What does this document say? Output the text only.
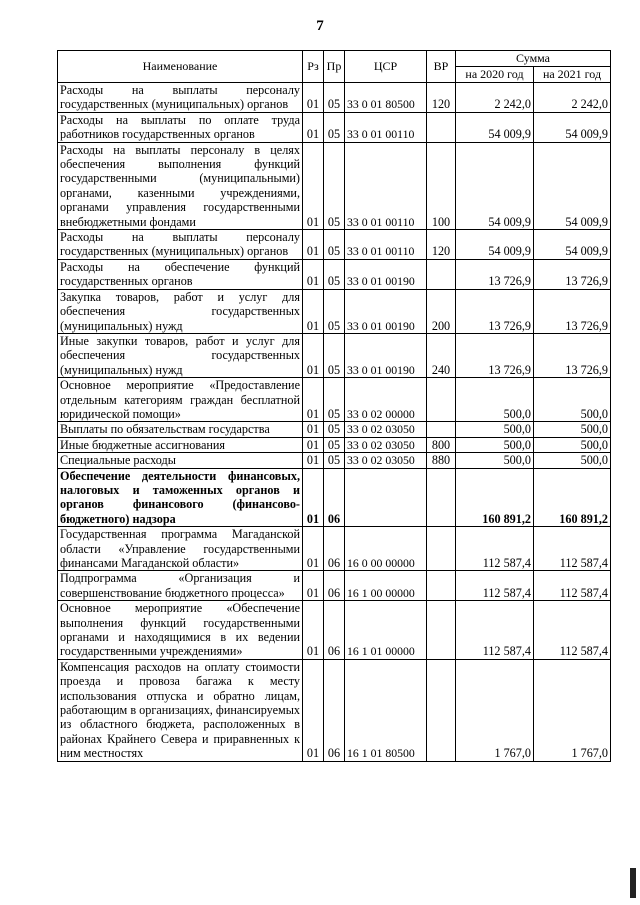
7
Наименование	Рз	Пр	ЦСР	ВР	Сумма	
					на 2020 год	на 2021 год
Расходы на выплаты персоналу государственных (муниципальных) органов	01	05	33 0 01 80500	120	2 242,0	2 242,0
Расходы на выплаты по оплате труда работников государственных органов	01	05	33 0 01 00110		54 009,9	54 009,9
Расходы на выплаты персоналу в целях обеспечения выполнения функций государственными (муниципальными) органами, казенными учреждениями, органами управления государственными внебюджетными фондами	01	05	33 0 01 00110	100	54 009,9	54 009,9
Расходы на выплаты персоналу государственных (муниципальных) органов	01	05	33 0 01 00110	120	54 009,9	54 009,9
Расходы на обеспечение функций государственных органов	01	05	33 0 01 00190		13 726,9	13 726,9
Закупка товаров, работ и услуг для обеспечения государственных (муниципальных) нужд	01	05	33 0 01 00190	200	13 726,9	13 726,9
Иные закупки товаров, работ и услуг для обеспечения государственных (муниципальных) нужд	01	05	33 0 01 00190	240	13 726,9	13 726,9
Основное мероприятие «Предоставление отдельным категориям граждан бесплатной юридической помощи»	01	05	33 0 02 00000		500,0	500,0
Выплаты по обязательствам государства	01	05	33 0 02 03050		500,0	500,0
Иные бюджетные ассигнования	01	05	33 0 02 03050	800	500,0	500,0
Специальные расходы	01	05	33 0 02 03050	880	500,0	500,0
Обеспечение деятельности финансовых, налоговых и таможенных органов и органов финансового (финансово-бюджетного) надзора	01	06			160 891,2	160 891,2
Государственная программа Магаданской области «Управление государственными финансами Магаданской области»	01	06	16 0 00 00000		112 587,4	112 587,4
Подпрограмма «Организация и совершенствование бюджетного процесса»	01	06	16 1 00 00000		112 587,4	112 587,4
Основное мероприятие «Обеспечение выполнения функций государственными органами и находящимися в их ведении государственными учреждениями»	01	06	16 1 01 00000		112 587,4	112 587,4
Компенсация расходов на оплату стоимости проезда и провоза багажа к месту использования отпуска и обратно лицам, работающим в организациях, финансируемых из областного бюджета, расположенных в районах Крайнего Севера и приравненных к ним местностях	01	06	16 1 01 80500		1 767,0	1 767,0
